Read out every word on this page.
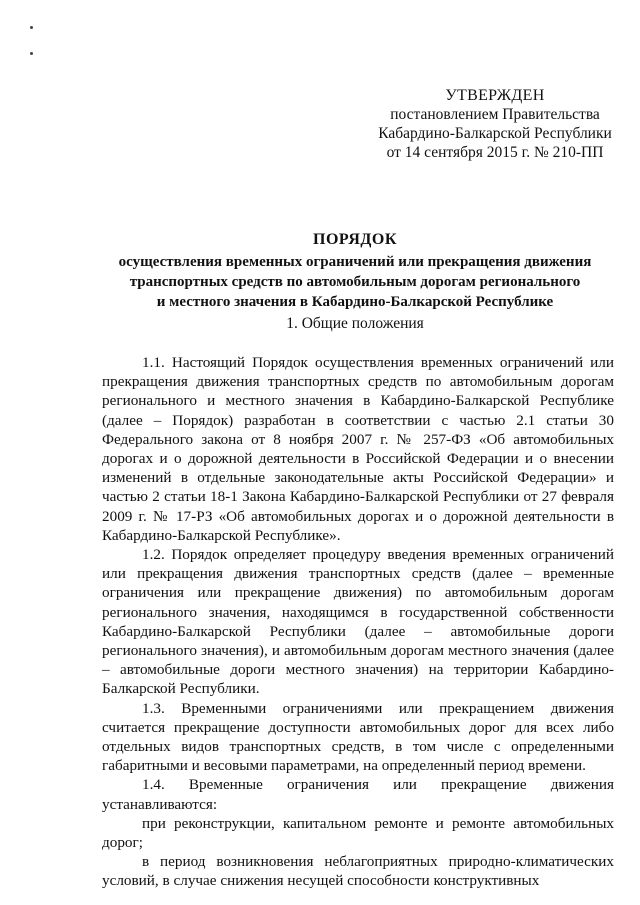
УТВЕРЖДЕН
постановлением Правительства
Кабардино-Балкарской Республики
от 14 сентября 2015 г. № 210-ПП
ПОРЯДОК
осуществления временных ограничений или прекращения движения
транспортных средств по автомобильным дорогам регионального
и местного значения в Кабардино-Балкарской Республике
1. Общие положения

1.1. Настоящий Порядок осуществления временных ограничений или прекращения движения транспортных средств по автомобильным дорогам регионального и местного значения в Кабардино-Балкарской Республике (далее – Порядок) разработан в соответствии с частью 2.1 статьи 30 Федерального закона от 8 ноября 2007 г. № 257-ФЗ «Об автомобильных дорогах и о дорожной деятельности в Российской Федерации и о внесении изменений в отдельные законодательные акты Российской Федерации» и частью 2 статьи 18-1 Закона Кабардино-Балкарской Республики от 27 февраля 2009 г. № 17-РЗ «Об автомобильных дорогах и о дорожной деятельности в Кабардино-Балкарской Республике».

1.2. Порядок определяет процедуру введения временных ограничений или прекращения движения транспортных средств (далее – временные ограничения или прекращение движения) по автомобильным дорогам регионального значения, находящимся в государственной собственности Кабардино-Балкарской Республики (далее – автомобильные дороги регионального значения), и автомобильным дорогам местного значения (далее – автомобильные дороги местного значения) на территории Кабардино-Балкарской Республики.

1.3. Временными ограничениями или прекращением движения считается прекращение доступности автомобильных дорог для всех либо отдельных видов транспортных средств, в том числе с определенными габаритными и весовыми параметрами, на определенный период времени.

1.4. Временные ограничения или прекращение движения устанавливаются:

при реконструкции, капитальном ремонте и ремонте автомобильных дорог;

в период возникновения неблагоприятных природно-климатических условий, в случае снижения несущей способности конструктивных
